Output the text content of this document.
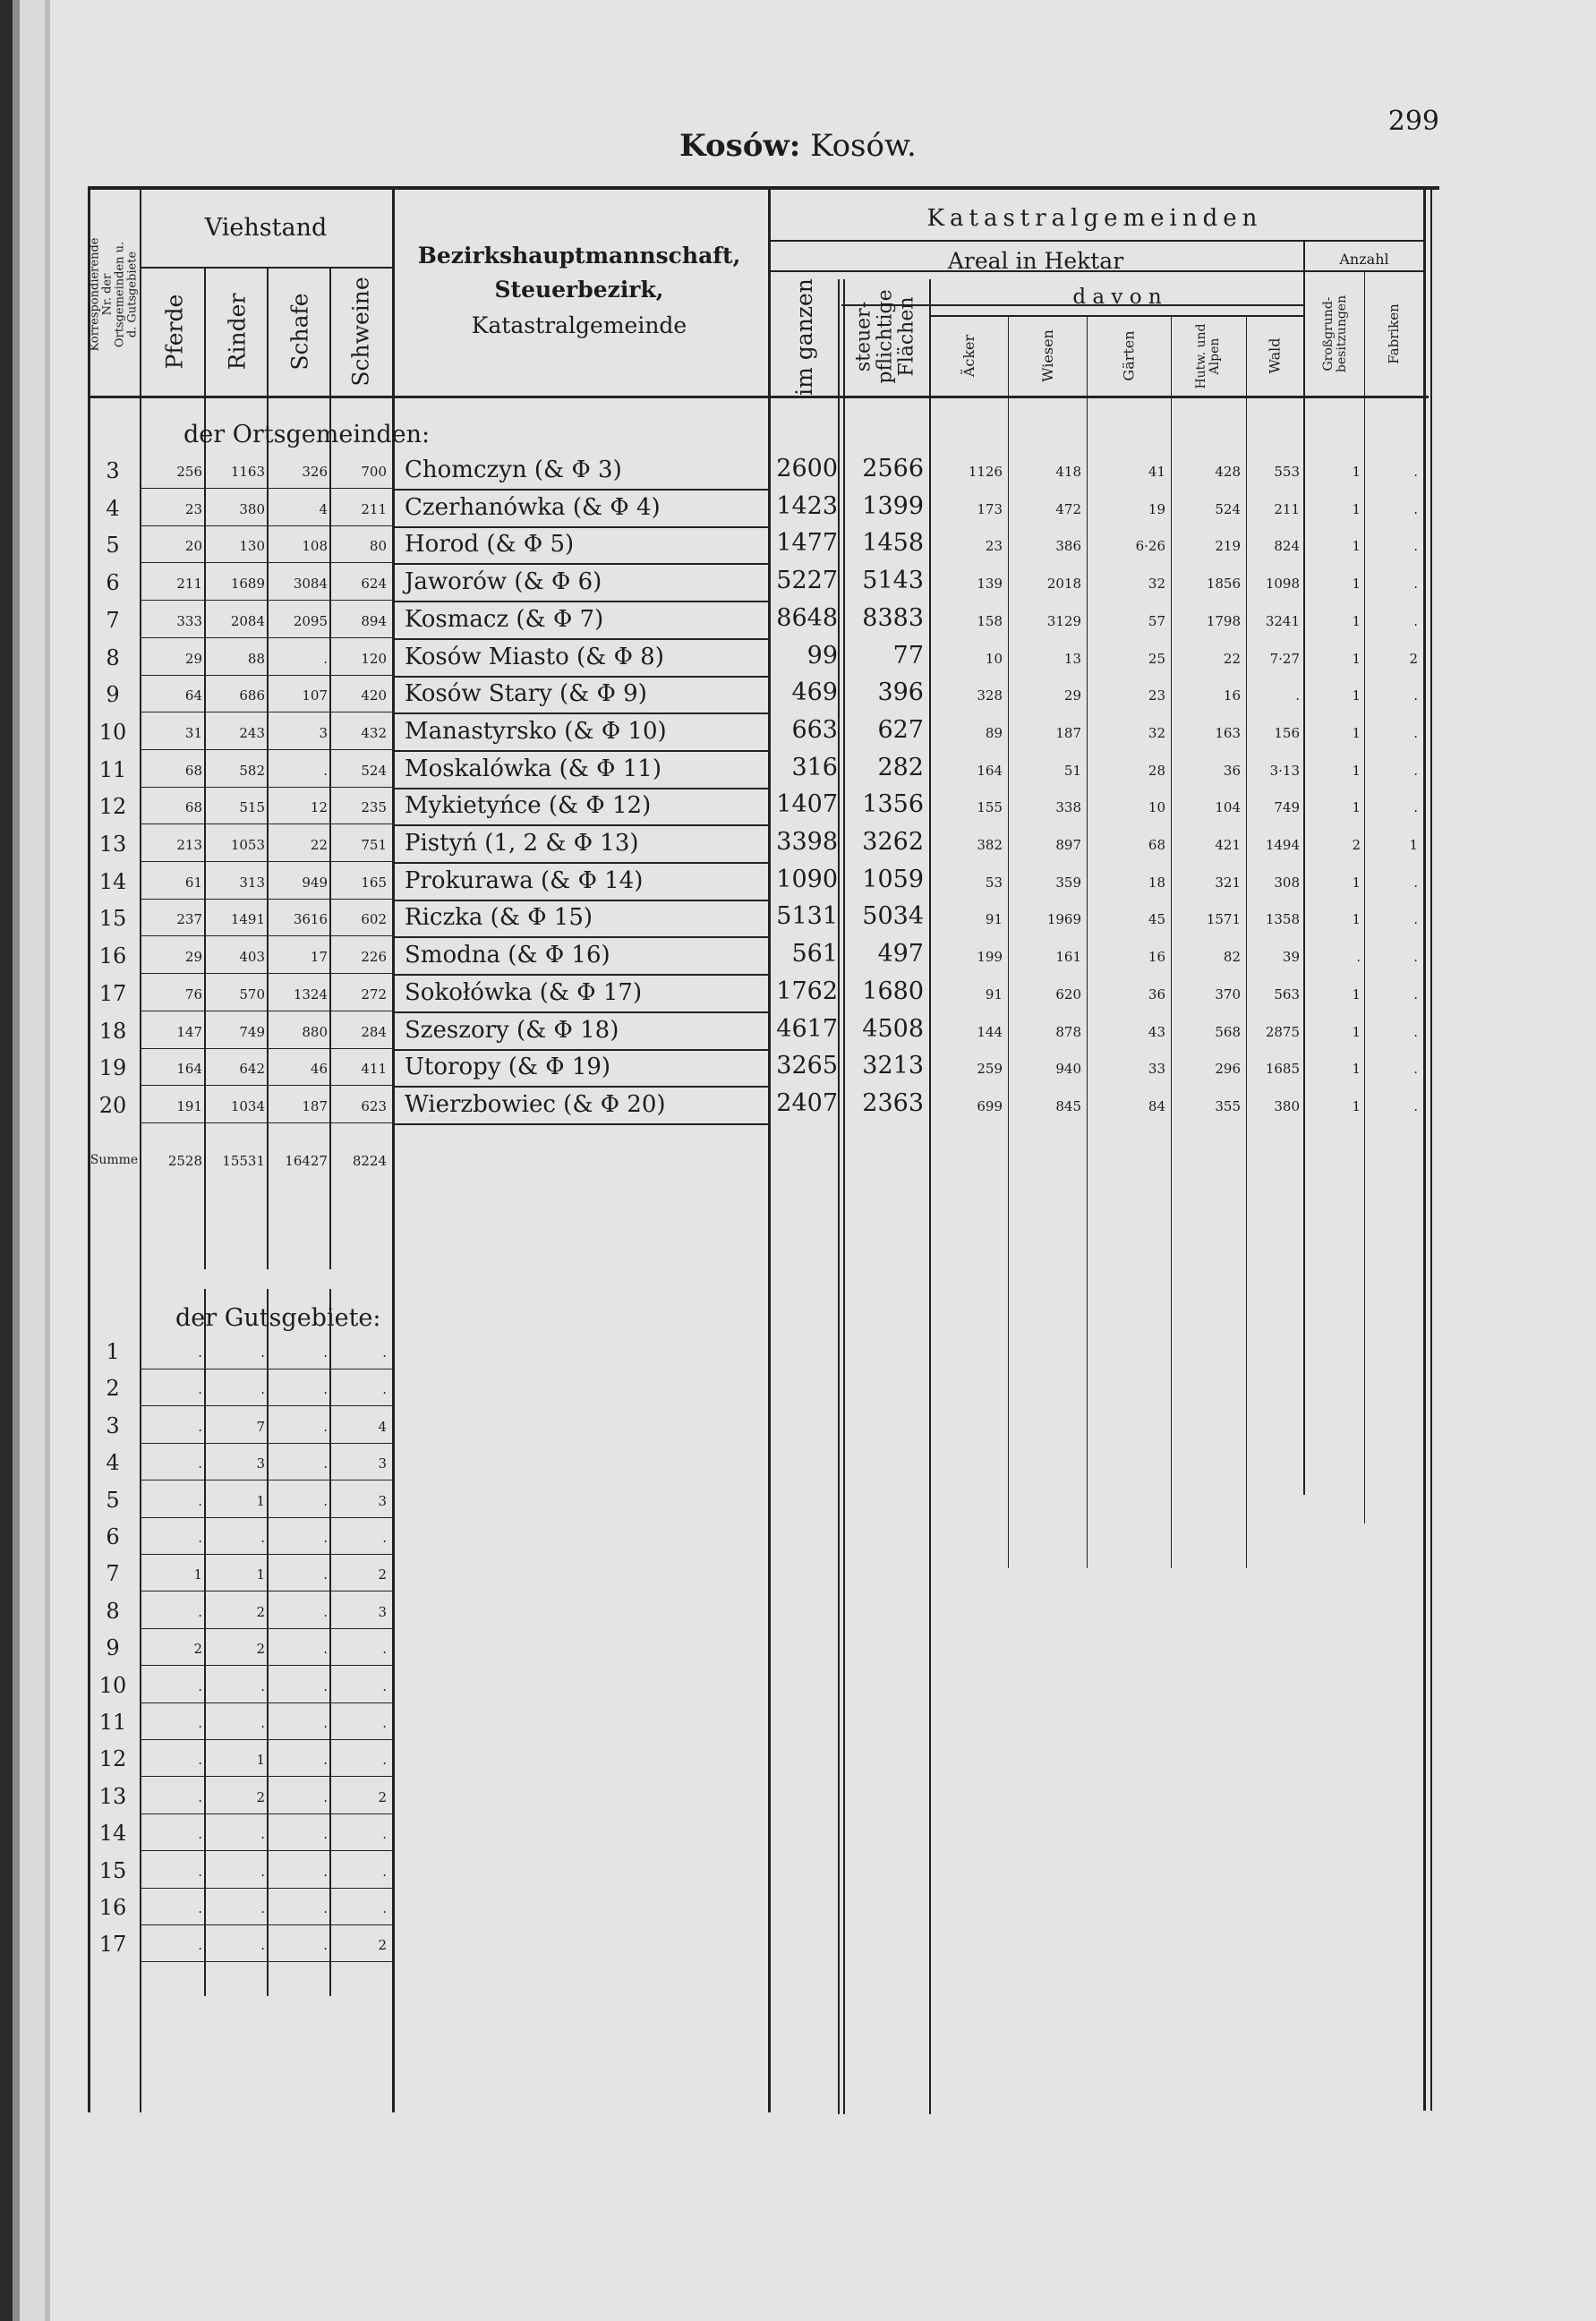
Kosów: Kosów.
299
Korrespondierende Nr. der Ortsgemeinden u. d. Gutsgebiete
Viehstand
Pferde Rinder Schafe Schweine
Bezirkshauptmannschaft,
Steuerbezirk,
Katastralgemeinde
Katastralgemeinden
Areal in Hektar	Anzahl
d a v o n
im ganzen steuer- pflichtige Flächen	Äcker	Wiesen	Gärten	Hutw. und Alpen	Wald	Großgrund- besitzungen	Fabriken
der Ortsgemeinden:
der Gutsgebiete:
Summe	2528	15531	16427	8224
3	256	1163	326	700 Chomczyn (& Φ 3)	2600	2566	1126	418	41	428	553	1	.
4	23	380	4	211 Czerhanówka (& Φ 4)	1423	1399	173	472	19	524	211	1	.
5	20	130	108	80 Horod (& Φ 5)	1477	1458	23	386	6·26	219	824	1	.
6	211	1689	3084	624 Jaworów (& Φ 6)	5227	5143	139	2018	32	1856	1098	1	.
7	333	2084	2095	894 Kosmacz (& Φ 7)	8648	8383	158	3129	57	1798	3241	1	.
8	29	88	.	120 Kosów Miasto (& Φ 8)	99	77	10	13	25	22	7·27	1	2
9	64	686	107	420 Kosów Stary (& Φ 9)	469	396	328	29	23	16	.	1	.
10	31	243	3	432 Manastyrsko (& Φ 10)	663	627	89	187	32	163	156	1	.
11	68	582	.	524 Moskalówka (& Φ 11)	316	282	164	51	28	36	3·13	1	.
12	68	515	12	235 Mykietyńce (& Φ 12)	1407	1356	155	338	10	104	749	1	.
13	213	1053	22	751 Pistyń (1, 2 & Φ 13)	3398	3262	382	897	68	421	1494	2	1
14	61	313	949	165 Prokurawa (& Φ 14)	1090	1059	53	359	18	321	308	1	.
15	237	1491	3616	602 Riczka (& Φ 15)	5131	5034	91	1969	45	1571	1358	1	.
16	29	403	17	226 Smodna (& Φ 16)	561	497	199	161	16	82	39	.	.
17	76	570	1324	272 Sokołówka (& Φ 17)	1762	1680	91	620	36	370	563	1	.
18	147	749	880	284 Szeszory (& Φ 18)	4617	4508	144	878	43	568	2875	1	.
19	164	642	46	411 Utoropy (& Φ 19)	3265	3213	259	940	33	296	1685	1	.
20	191	1034	187	623 Wierzbowiec (& Φ 20)	2407	2363	699	845	84	355	380	1	.
1	.	.	.	.
2	.	.	.	.
3	.	7	.	4
4	.	3	.	3
5	.	1	.	3
6	.	.	.	.
7	1	1	.	2
8	.	2	.	3
9	2	2	.	.
10	.	.	.	.
11	.	.	.	.
12	.	1	.	.
13	.	2	.	2
14	.	.	.	.
15	.	.	.	.
16	.	.	.	.
17	.	.	.	2
